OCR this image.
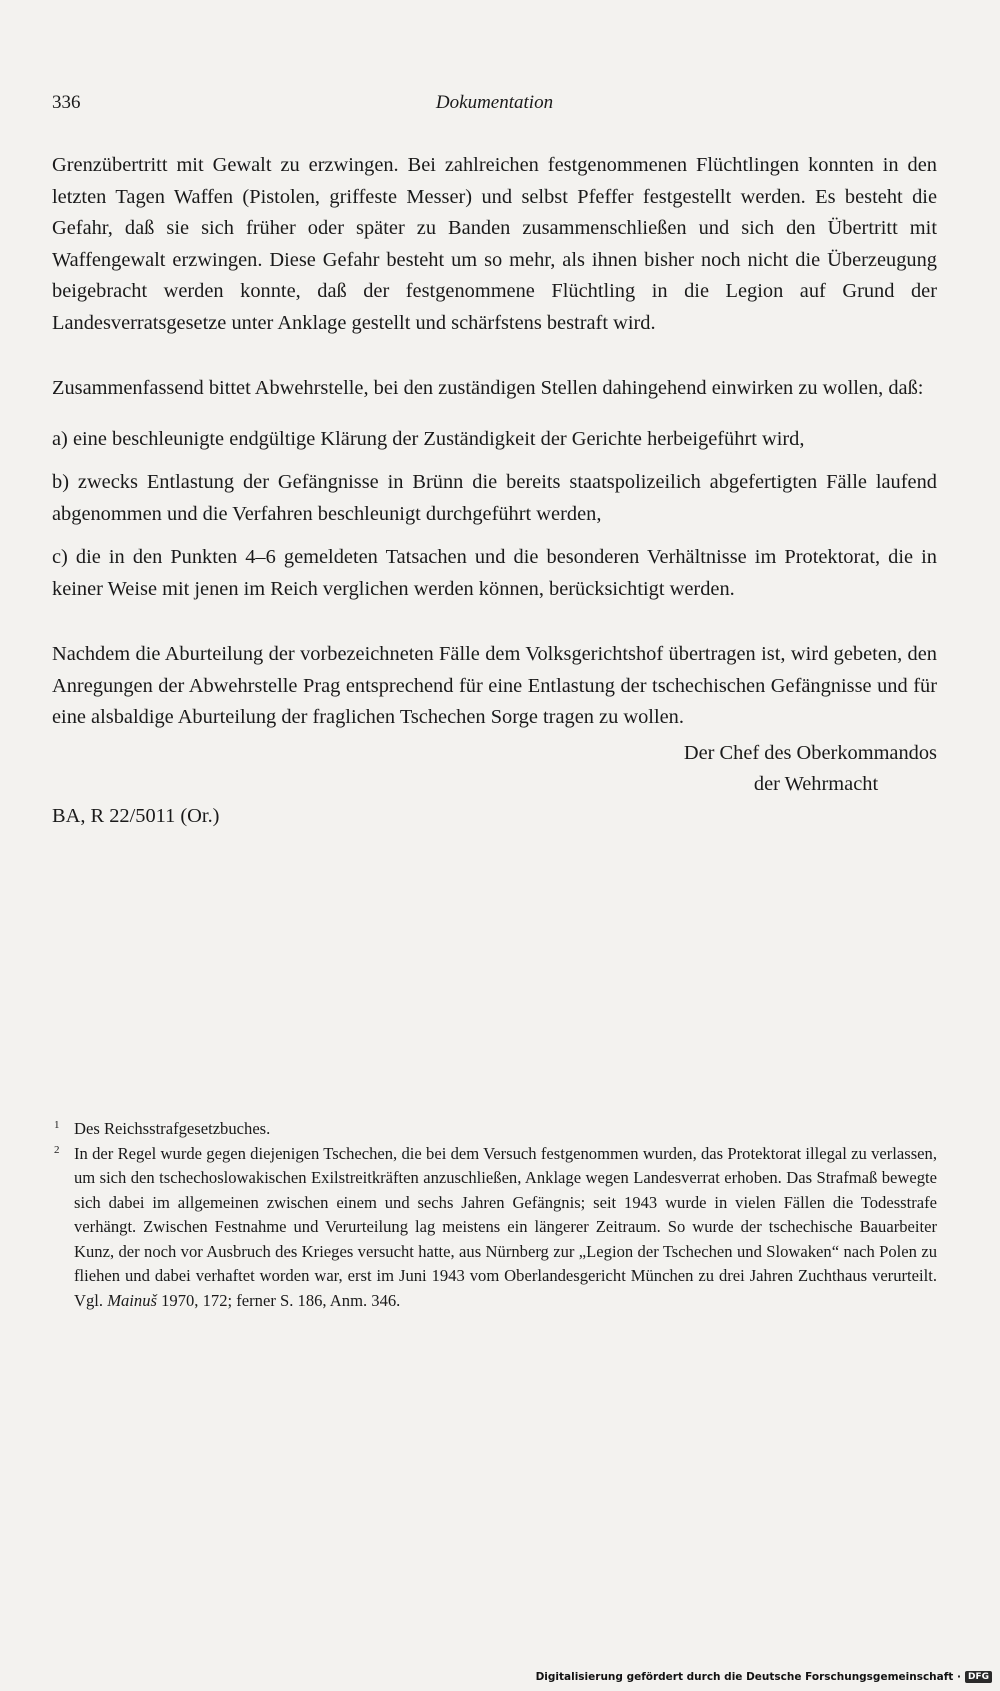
336	Dokumentation

Grenzübertritt mit Gewalt zu erzwingen. Bei zahlreichen festgenommenen Flüchtlingen konnten in den letzten Tagen Waffen (Pistolen, griffeste Messer) und selbst Pfeffer festgestellt werden. Es besteht die Gefahr, daß sie sich früher oder später zu Banden zusammenschließen und sich den Übertritt mit Waffengewalt erzwingen. Diese Gefahr besteht um so mehr, als ihnen bisher noch nicht die Überzeugung beigebracht werden konnte, daß der festgenommene Flüchtling in die Legion auf Grund der Landesverratsgesetze unter Anklage gestellt und schärfstens bestraft wird.

Zusammenfassend bittet Abwehrstelle, bei den zuständigen Stellen dahingehend einwirken zu wollen, daß:

a) eine beschleunigte endgültige Klärung der Zuständigkeit der Gerichte herbeigeführt wird,

b) zwecks Entlastung der Gefängnisse in Brünn die bereits staatspolizeilich abgefertigten Fälle laufend abgenommen und die Verfahren beschleunigt durchgeführt werden,

c) die in den Punkten 4–6 gemeldeten Tatsachen und die besonderen Verhältnisse im Protektorat, die in keiner Weise mit jenen im Reich verglichen werden können, berücksichtigt werden.

Nachdem die Aburteilung der vorbezeichneten Fälle dem Volksgerichtshof übertragen ist, wird gebeten, den Anregungen der Abwehrstelle Prag entsprechend für eine Entlastung der tschechischen Gefängnisse und für eine alsbaldige Aburteilung der fraglichen Tschechen Sorge tragen zu wollen.

Der Chef des Oberkommandos
der Wehrmacht

BA, R 22/5011 (Or.)

1 Des Reichsstrafgesetzbuches.

2 In der Regel wurde gegen diejenigen Tschechen, die bei dem Versuch festgenommen wurden, das Protektorat illegal zu verlassen, um sich den tschechoslowakischen Exilstreitkräften anzuschließen, Anklage wegen Landesverrat erhoben. Das Strafmaß bewegte sich dabei im allgemeinen zwischen einem und sechs Jahren Gefängnis; seit 1943 wurde in vielen Fällen die Todesstrafe verhängt. Zwischen Festnahme und Verurteilung lag meistens ein längerer Zeitraum. So wurde der tschechische Bauarbeiter Kunz, der noch vor Ausbruch des Krieges versucht hatte, aus Nürnberg zur „Legion der Tschechen und Slowaken“ nach Polen zu fliehen und dabei verhaftet worden war, erst im Juni 1943 vom Oberlandesgericht München zu drei Jahren Zuchthaus verurteilt. Vgl. Mainuš 1970, 172; ferner S. 186, Anm. 346.

Digitalisierung gefördert durch die Deutsche Forschungsgemeinschaft · DFG
